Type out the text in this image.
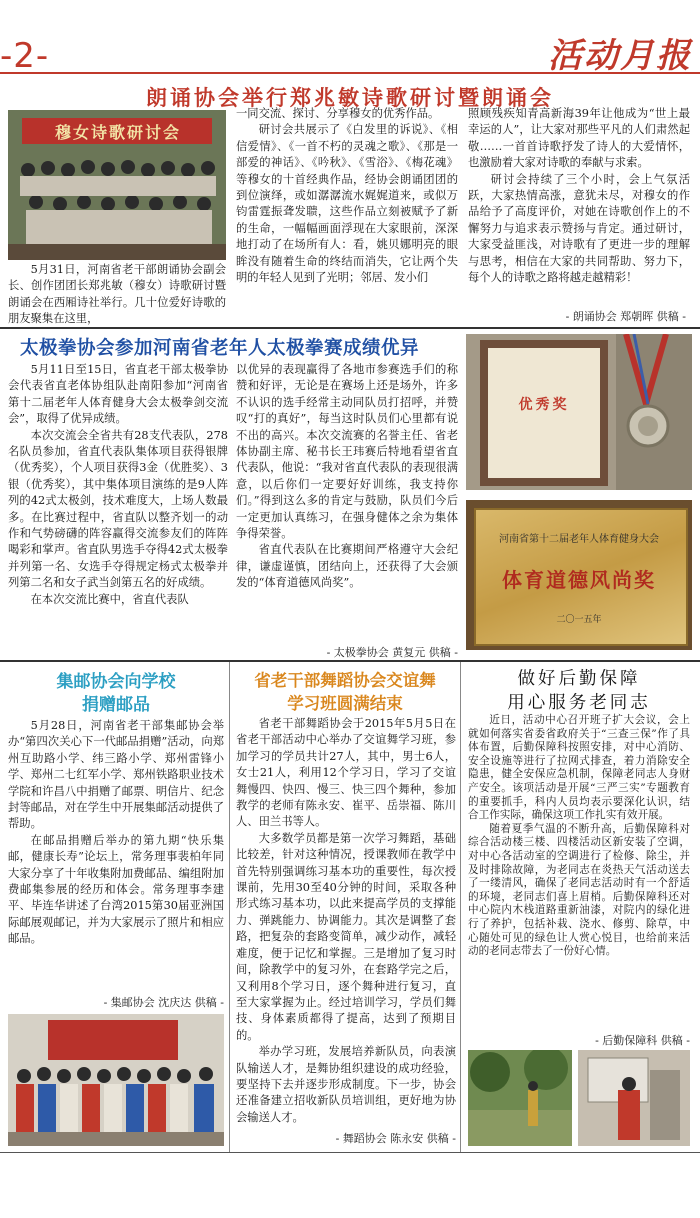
-2-	活动月报
朗诵协会举行郑兆敏诗歌研讨暨朗诵会
穆女诗歌研讨会

5月31日，河南省老干部朗诵协会副会长、创作团团长郑兆敏（穆女）诗歌研讨暨朗诵会在西厢诗社举行。几十位爱好诗歌的朋友聚集在这里，

一同交流、探讨、分享穆女的优秀作品。

研讨会共展示了《白发里的诉说》、《相信爱情》、《一首不朽的灵魂之歌》、《那是一部爱的神话》、《吟秋》、《雪浴》、《梅花魂》等穆女的十首经典作品，经协会朗诵团团的到位演绎，或如潺潺流水娓娓道来，或似万钧雷霆振聋发聩，这些作品立刻被赋予了新的生命，一幅幅画面浮现在大家眼前，深深地打动了在场所有人：看，姚贝娜明亮的眼眸没有随着生命的终结而消失，它让两个失明的年轻人见到了光明；邻居、发小们

照顾残疾知青高新海39年让他成为“世上最幸运的人”，让大家对那些平凡的人们肃然起敬……一首首诗歌抒发了诗人的大爱情怀，也激励着大家对诗歌的奉献与求索。

研讨会持续了三个小时，会上气氛活跃，大家热情高涨，意犹未尽，对穆女的作品给予了高度评价，对她在诗歌创作上的不懈努力与追求表示赞扬与肯定。通过研讨，大家受益匪浅，对诗歌有了更进一步的理解与思考，相信在大家的共同帮助、努力下，每个人的诗歌之路将越走越精彩！

- 朗诵协会 郑朝晖 供稿 -
太极拳协会参加河南省老年人太极拳赛成绩优异

5月11日至15日，省直老干部太极拳协会代表省直老体协组队赴南阳参加“河南省第十二届老年人体育健身大会太极拳剑交流会”，取得了优异成绩。

本次交流会全省共有28支代表队，278名队员参加，省直代表队集体项目获得银牌（优秀奖），个人项目获得3金（优胜奖）、3银（优秀奖），其中集体项目演练的是9人阵列的42式太极剑，技术难度大，上场人数最多。在比赛过程中，省直队以整齐划一的动作和气势磅礴的阵容赢得交流参友们的阵阵喝彩和掌声。省直队男选手夺得42式太极拳并列第一名、女选手夺得规定杨式太极拳并列第二名和女子武当剑第五名的好成绩。

在本次交流比赛中，省直代表队

以优异的表现赢得了各地市参赛选手们的称赞和好评，无论是在赛场上还是场外，许多不认识的选手经常主动同队员打招呼，并赞叹“打的真好”，每当这时队员们心里都有说不出的高兴。本次交流赛的名誉主任、省老体协副主席、秘书长王玮赛后特地看望省直代表队，他说：“我对省直代表队的表现很满意，以后你们一定要好好训练，我支持你们。”得到这么多的肯定与鼓励，队员们今后一定更加认真练习，在强身健体之余为集体争得荣誉。

省直代表队在比赛期间严格遵守大会纪律，谦虚谨慎，团结向上，还获得了大会颁发的“体育道德风尚奖”。

- 太极拳协会 黄复元 供稿 -
优秀奖
河南省第十二届老年人体育健身大会
体育道德风尚奖
二〇一五年
集邮协会向学校
捐赠邮品

5月28日，河南省老干部集邮协会举办“第四次关心下一代邮品捐赠”活动，向郑州互助路小学、纬三路小学、郑州雷锋小学、郑州二七红军小学、郑州铁路职业技术学院和许昌八中捐赠了邮票、明信片、纪念封等邮品，对在学生中开展集邮活动提供了帮助。

在邮品捐赠后举办的第九期“快乐集邮，健康长寿”论坛上，常务理事裴柏年同大家分享了十年收集附加费邮品、编组附加费邮集参展的经历和体会。常务理事李建平、毕连华讲述了台湾2015第30届亚洲国际邮展观邮记，并为大家展示了照片和相应邮品。

- 集邮协会 沈庆达 供稿 -
省老干部舞蹈协会交谊舞
学习班圆满结束

省老干部舞蹈协会于2015年5月5日在省老干部活动中心举办了交谊舞学习班，参加学习的学员共计27人，其中，男士6人，女士21人，利用12个学习日，学习了交谊舞慢四、快四、慢三、快三四个舞种，参加教学的老师有陈永安、崔平、岳崇福、陈川人、田兰书等人。

大多数学员都是第一次学习舞蹈，基础比较差，针对这种情况，授课教师在教学中首先特别强调练习基本功的重要性，每次授课前，先用30至40分钟的时间，采取各种形式练习基本功，以此来提高学员的支撑能力、弹跳能力、协调能力。其次是调整了套路，把复杂的套路变简单，减少动作，减轻难度，便于记忆和掌握。三是增加了复习时间，除教学中的复习外，在套路学完之后，又利用8个学习日，逐个舞种进行复习，直至大家掌握为止。经过培训学习，学员们舞技、身体素质都得了提高，达到了预期目的。

举办学习班，发展培养新队员，向表演队输送人才，是舞协组织建设的成功经验，要坚持下去并逐步形成制度。下一步，协会还准备建立招收新队员培训组，更好地为协会输送人才。

- 舞蹈协会 陈永安 供稿 -
做好后勤保障
用心服务老同志

近日，活动中心召开班子扩大会议，会上就如何落实省委省政府关于“三查三保”作了具体布置，后勤保障科按照安排，对中心消防、安全设施等进行了拉网式排查，着力消除安全隐患，健全安保应急机制，保障老同志人身财产安全。该项活动是开展“三严三实”专题教育的重要抓手，科内人员均表示要深化认识，结合工作实际，确保这项工作扎实有效开展。

随着夏季气温的不断升高，后勤保障科对综合活动楼三楼、四楼活动区新安装了空调，对中心各活动室的空调进行了检修、除尘，并及时排除故障，为老同志在炎热天气活动送去了一缕清风，确保了老同志活动时有一个舒适的环境，老同志们喜上眉梢。后勤保障科还对中心院内木栈道路重新油漆，对院内的绿化进行了养护，包括补栽、浇水、修剪、除草，中心随处可见的绿色让人赏心悦目，也给前来活动的老同志带去了一份好心情。

- 后勤保障科 供稿 -
